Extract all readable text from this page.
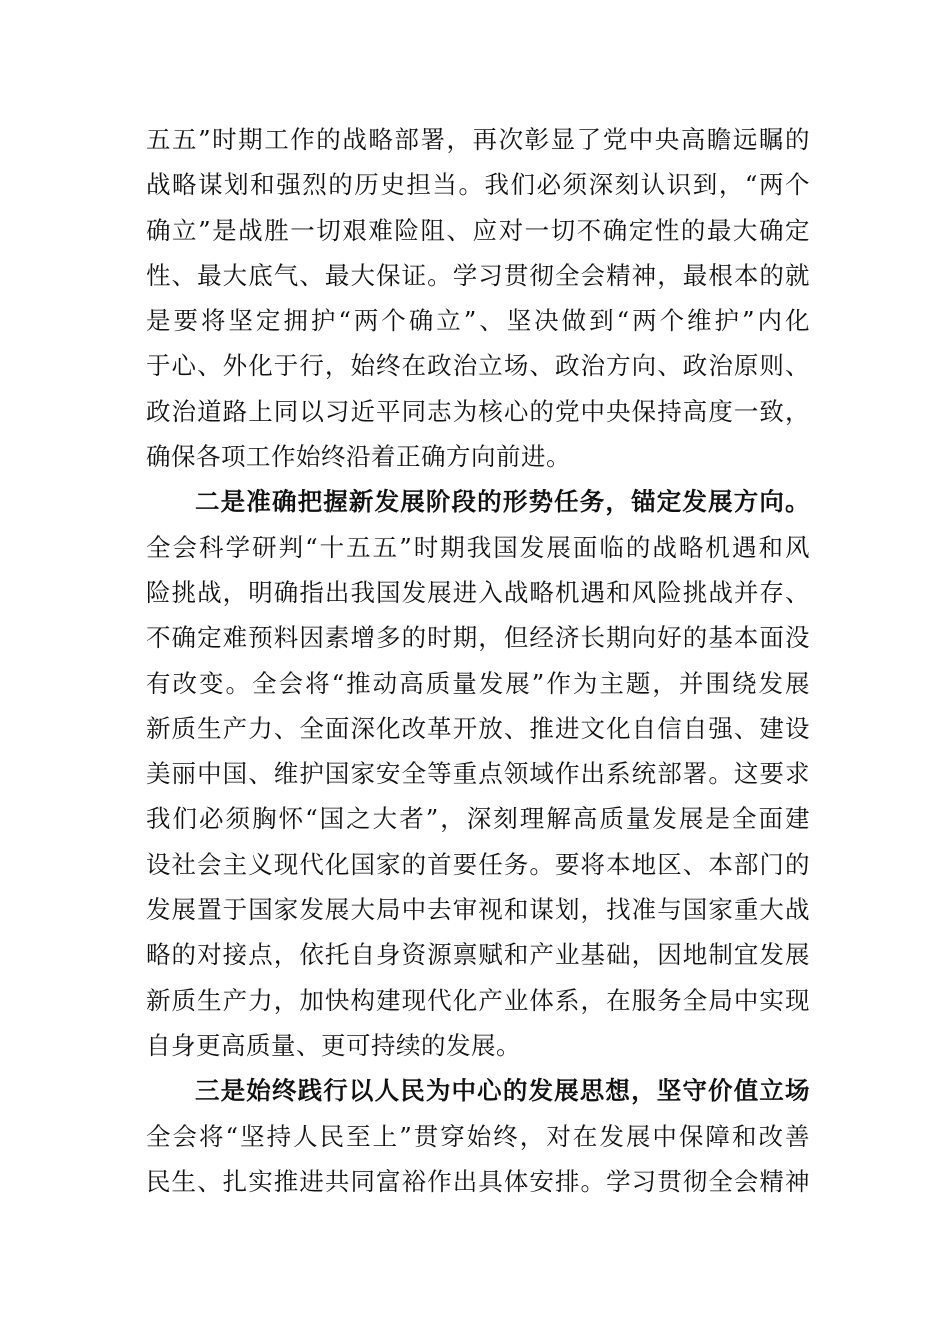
五五”时期工作的战略部署，再次彰显了党中央高瞻远瞩的
战略谋划和强烈的历史担当。我们必须深刻认识到，“两个
确立”是战胜一切艰难险阻、应对一切不确定性的最大确定
性、最大底气、最大保证。学习贯彻全会精神，最根本的就
是要将坚定拥护“两个确立”、坚决做到“两个维护”内化
于心、外化于行，始终在政治立场、政治方向、政治原则、
政治道路上同以习近平同志为核心的党中央保持高度一致，
确保各项工作始终沿着正确方向前进。
二是准确把握新发展阶段的形势任务，锚定发展方向。
全会科学研判“十五五”时期我国发展面临的战略机遇和风
险挑战，明确指出我国发展进入战略机遇和风险挑战并存、
不确定难预料因素增多的时期，但经济长期向好的基本面没
有改变。全会将“推动高质量发展”作为主题，并围绕发展
新质生产力、全面深化改革开放、推进文化自信自强、建设
美丽中国、维护国家安全等重点领域作出系统部署。这要求
我们必须胸怀“国之大者”，深刻理解高质量发展是全面建
设社会主义现代化国家的首要任务。要将本地区、本部门的
发展置于国家发展大局中去审视和谋划，找准与国家重大战
略的对接点，依托自身资源禀赋和产业基础，因地制宜发展
新质生产力，加快构建现代化产业体系，在服务全局中实现
自身更高质量、更可持续的发展。
三是始终践行以人民为中心的发展思想，坚守价值立场
全会将“坚持人民至上”贯穿始终，对在发展中保障和改善
民生、扎实推进共同富裕作出具体安排。学习贯彻全会精神
